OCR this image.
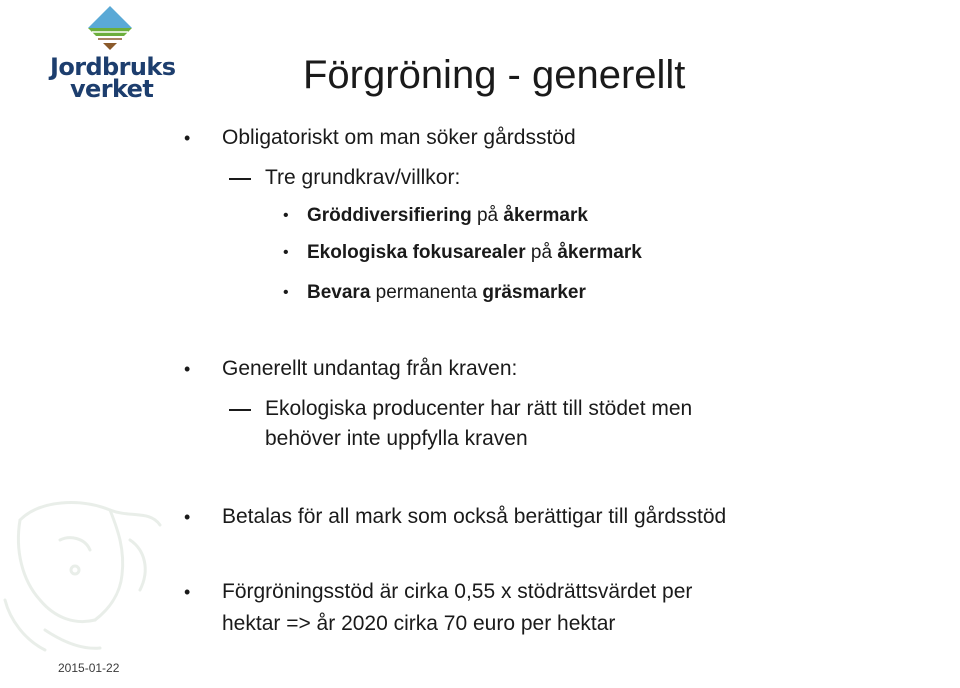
Jordbruks
verket	Förgröning - generellt
• Obligatoriskt om man söker gårdsstöd
Tre grundkrav/villkor:
• Gröddiversifiering på åkermark
• Ekologiska fokusarealer på åkermark
• Bevara permanenta gräsmarker
• Generellt undantag från kraven:
Ekologiska producenter har rätt till stödet men
behöver inte uppfylla kraven
• Betalas för all mark som också berättigar till gårdsstöd
• Förgröningsstöd är cirka 0,55 x stödrättsvärdet per
hektar => år 2020 cirka 70 euro per hektar
2015-01-22
